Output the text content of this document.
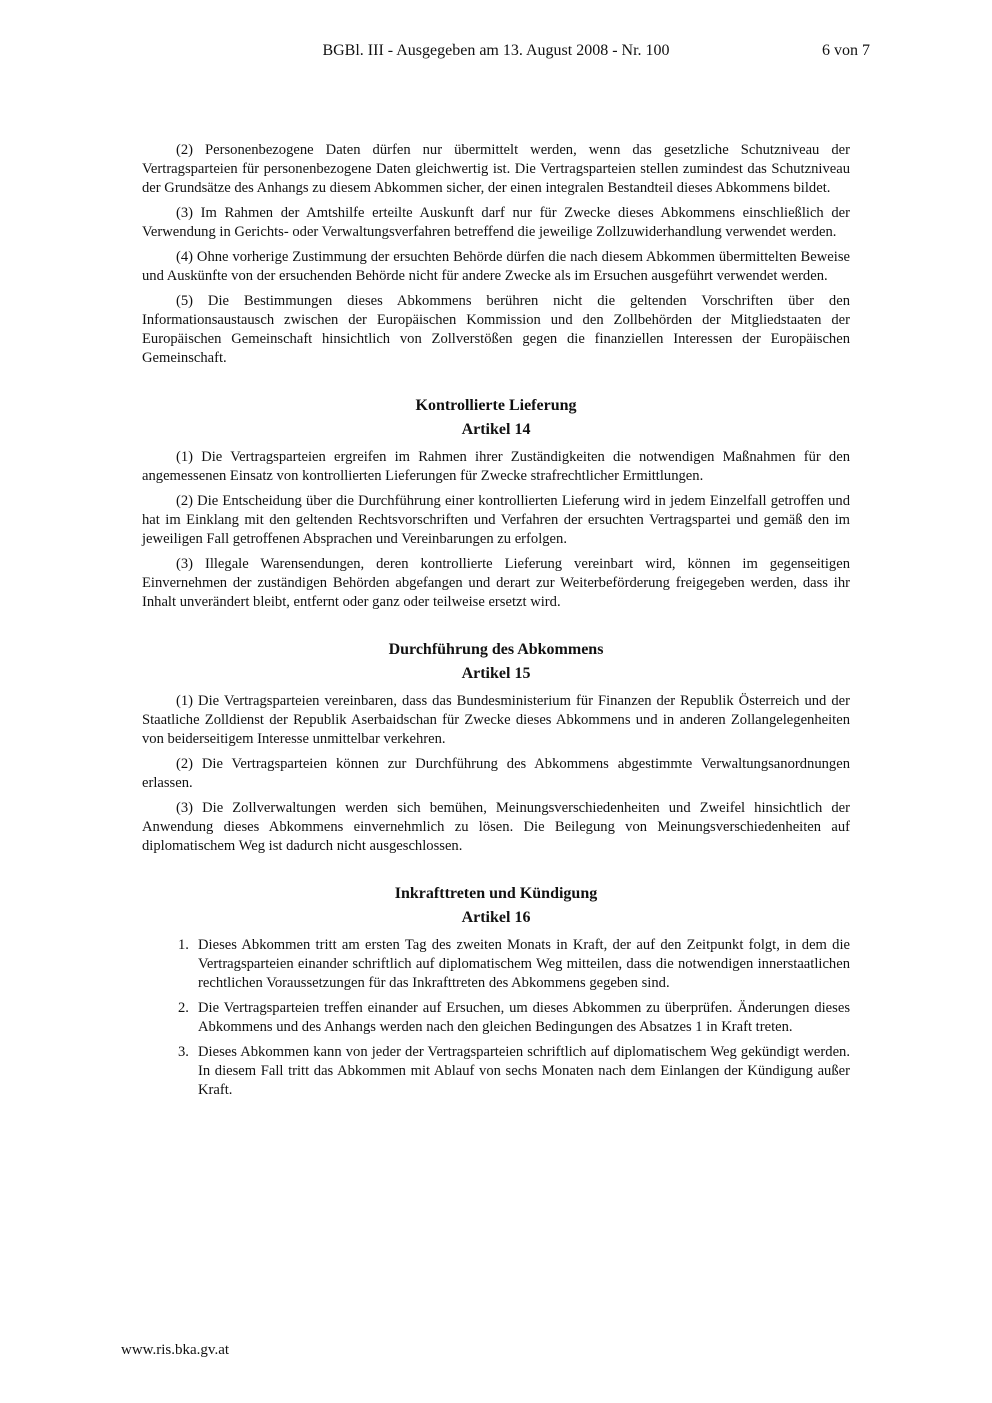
BGBl. III - Ausgegeben am 13. August 2008 - Nr. 100	6 von 7

(2) Personenbezogene Daten dürfen nur übermittelt werden, wenn das gesetzliche Schutzniveau der Vertragsparteien für personenbezogene Daten gleichwertig ist. Die Vertragsparteien stellen zumindest das Schutzniveau der Grundsätze des Anhangs zu diesem Abkommen sicher, der einen integralen Bestandteil dieses Abkommens bildet.

(3) Im Rahmen der Amtshilfe erteilte Auskunft darf nur für Zwecke dieses Abkommens einschließlich der Verwendung in Gerichts- oder Verwaltungsverfahren betreffend die jeweilige Zollzuwiderhandlung verwendet werden.

(4) Ohne vorherige Zustimmung der ersuchten Behörde dürfen die nach diesem Abkommen übermittelten Beweise und Auskünfte von der ersuchenden Behörde nicht für andere Zwecke als im Ersuchen ausgeführt verwendet werden.

(5) Die Bestimmungen dieses Abkommens berühren nicht die geltenden Vorschriften über den Informationsaustausch zwischen der Europäischen Kommission und den Zollbehörden der Mitgliedstaaten der Europäischen Gemeinschaft hinsichtlich von Zollverstößen gegen die finanziellen Interessen der Europäischen Gemeinschaft.

Kontrollierte Lieferung
Artikel 14

(1) Die Vertragsparteien ergreifen im Rahmen ihrer Zuständigkeiten die notwendigen Maßnahmen für den angemessenen Einsatz von kontrollierten Lieferungen für Zwecke strafrechtlicher Ermittlungen.

(2) Die Entscheidung über die Durchführung einer kontrollierten Lieferung wird in jedem Einzelfall getroffen und hat im Einklang mit den geltenden Rechtsvorschriften und Verfahren der ersuchten Vertragspartei und gemäß den im jeweiligen Fall getroffenen Absprachen und Vereinbarungen zu erfolgen.

(3) Illegale Warensendungen, deren kontrollierte Lieferung vereinbart wird, können im gegenseitigen Einvernehmen der zuständigen Behörden abgefangen und derart zur Weiterbeförderung freigegeben werden, dass ihr Inhalt unverändert bleibt, entfernt oder ganz oder teilweise ersetzt wird.

Durchführung des Abkommens
Artikel 15

(1) Die Vertragsparteien vereinbaren, dass das Bundesministerium für Finanzen der Republik Österreich und der Staatliche Zolldienst der Republik Aserbaidschan für Zwecke dieses Abkommens und in anderen Zollangelegenheiten von beiderseitigem Interesse unmittelbar verkehren.

(2) Die Vertragsparteien können zur Durchführung des Abkommens abgestimmte Verwaltungsanordnungen erlassen.

(3) Die Zollverwaltungen werden sich bemühen, Meinungsverschiedenheiten und Zweifel hinsichtlich der Anwendung dieses Abkommens einvernehmlich zu lösen. Die Beilegung von Meinungsverschiedenheiten auf diplomatischem Weg ist dadurch nicht ausgeschlossen.

Inkrafttreten und Kündigung
Artikel 16
1. Dieses Abkommen tritt am ersten Tag des zweiten Monats in Kraft, der auf den Zeitpunkt folgt, in dem die Vertragsparteien einander schriftlich auf diplomatischem Weg mitteilen, dass die notwendigen innerstaatlichen rechtlichen Voraussetzungen für das Inkrafttreten des Abkommens gegeben sind.
2. Die Vertragsparteien treffen einander auf Ersuchen, um dieses Abkommen zu überprüfen. Änderungen dieses Abkommens und des Anhangs werden nach den gleichen Bedingungen des Absatzes 1 in Kraft treten.
3. Dieses Abkommen kann von jeder der Vertragsparteien schriftlich auf diplomatischem Weg gekündigt werden. In diesem Fall tritt das Abkommen mit Ablauf von sechs Monaten nach dem Einlangen der Kündigung außer Kraft.
www.ris.bka.gv.at
